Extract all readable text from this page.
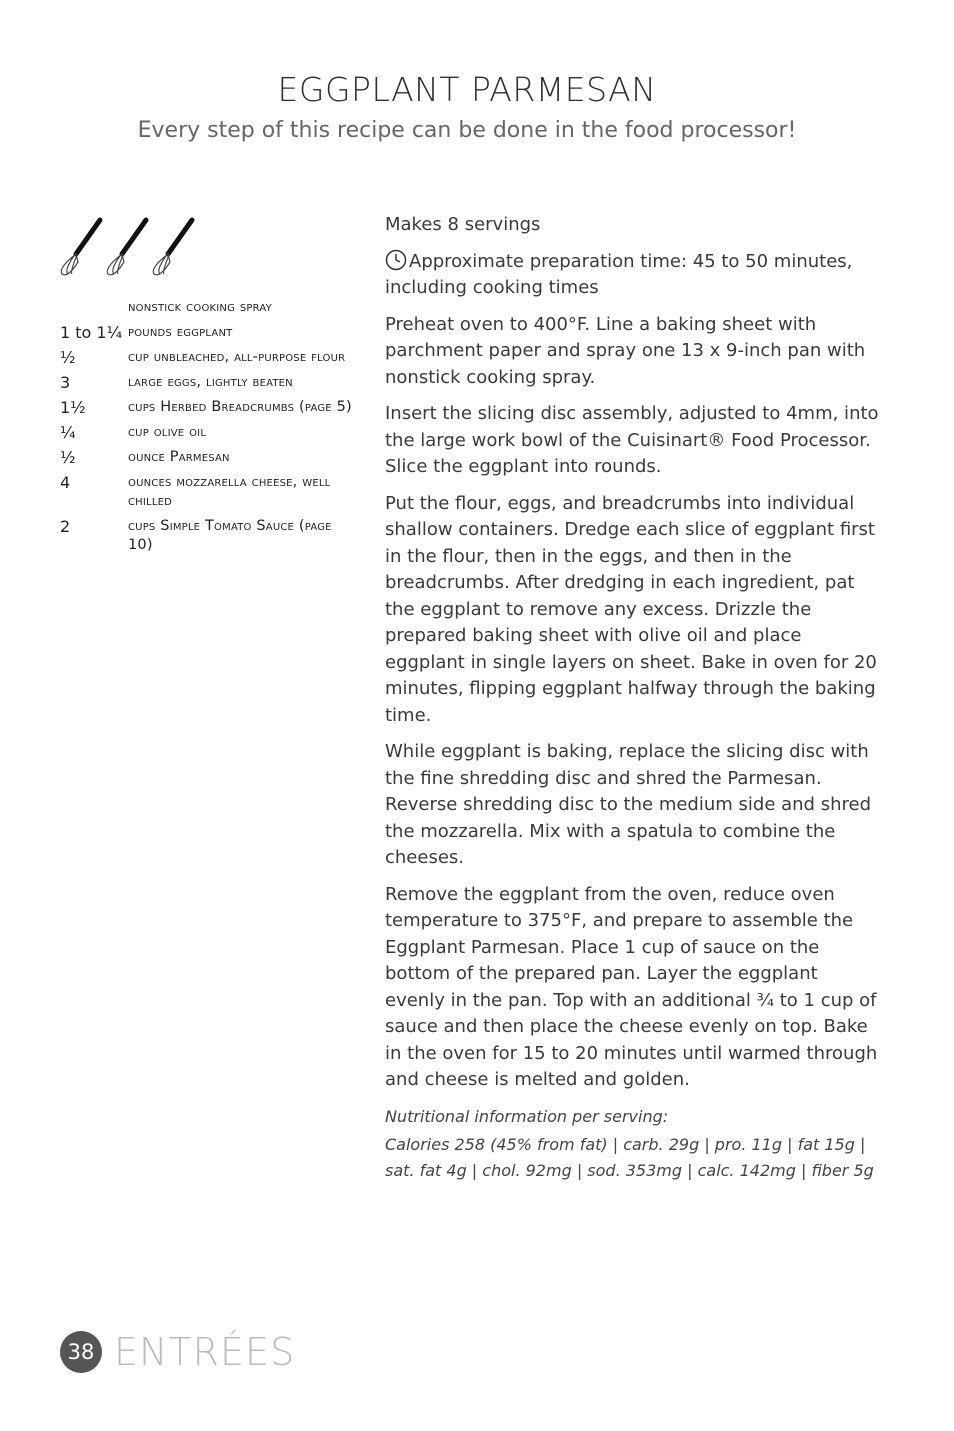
EGGPLANT PARMESAN
Every step of this recipe can be done in the food processor!
nonstick cooking spray
1 to 1¼ pounds eggplant
½	cup unbleached, all-purpose flour
3	large eggs, lightly beaten
1½	cups Herbed Breadcrumbs (page 5)
¼	cup olive oil
½	ounce Parmesan
4	ounces mozzarella cheese, well chilled
2	cups Simple Tomato Sauce (page 10)

Makes 8 servings

Approximate preparation time: 45 to 50 minutes, including cooking times

Preheat oven to 400°F. Line a baking sheet with parchment paper and spray one 13 x 9-inch pan with nonstick cooking spray.

Insert the slicing disc assembly, adjusted to 4mm, into the large work bowl of the Cuisinart® Food Processor. Slice the eggplant into rounds.

Put the flour, eggs, and breadcrumbs into individual shallow containers. Dredge each slice of eggplant first in the flour, then in the eggs, and then in the breadcrumbs. After dredging in each ingredient, pat the eggplant to remove any excess. Drizzle the prepared baking sheet with olive oil and place eggplant in single layers on sheet. Bake in oven for 20 minutes, flipping eggplant halfway through the baking time.

While eggplant is baking, replace the slicing disc with the fine shredding disc and shred the Parmesan. Reverse shredding disc to the medium side and shred the mozzarella. Mix with a spatula to combine the cheeses.

Remove the eggplant from the oven, reduce oven temperature to 375°F, and prepare to assemble the Eggplant Parmesan. Place 1 cup of sauce on the bottom of the prepared pan. Layer the eggplant evenly in the pan. Top with an additional ¾ to 1 cup of sauce and then place the cheese evenly on top. Bake in the oven for 15 to 20 minutes until warmed through and cheese is melted and golden.

Nutritional information per serving:
Calories 258 (45% from fat) | carb. 29g | pro. 11g | fat 15g |
sat. fat 4g | chol. 92mg | sod. 353mg | calc. 142mg | fiber 5g
38 ENTRÉES
